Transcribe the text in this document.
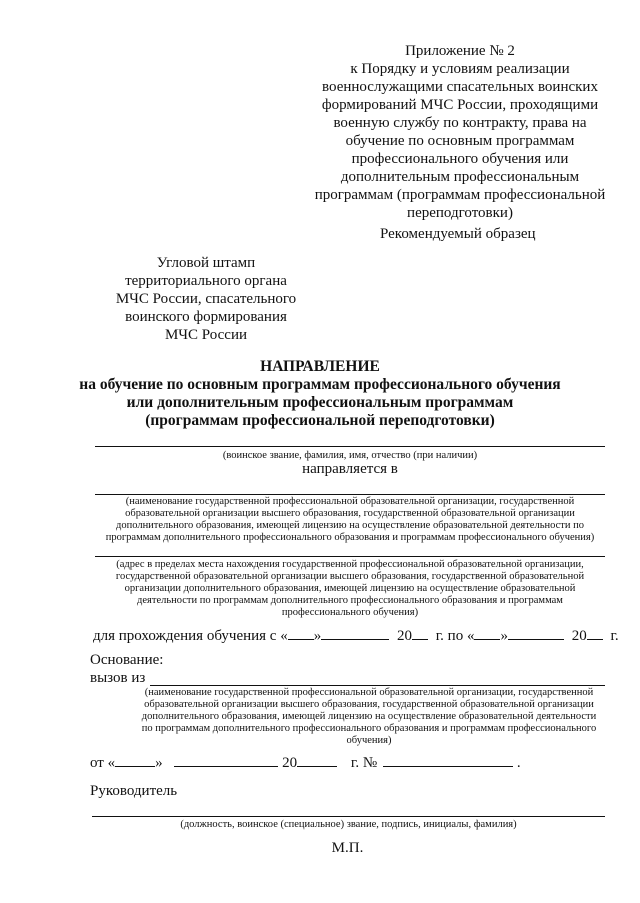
Приложение № 2
к Порядку и условиям реализации
военнослужащими спасательных воинских
формирований МЧС России, проходящими
военную службу по контракту, права на
обучение по основным программам
профессионального обучения или
дополнительным профессиональным
программам (программам профессиональной
переподготовки)
Рекомендуемый образец
Угловой штамп
территориального органа
МЧС России, спасательного
воинского формирования
МЧС России
НАПРАВЛЕНИЕ
на обучение по основным программам профессионального обучения
или дополнительным профессиональным программам
(программам профессиональной переподготовки)
(воинское звание, фамилия, имя, отчество (при наличии)
направляется в
(наименование государственной профессиональной образовательной организации, государственной
образовательной организации высшего образования, государственной образовательной организации
дополнительного образования, имеющей лицензию на осуществление образовательной деятельности по
программам дополнительного профессионального образования и программам профессионального обучения)
(адрес в пределах места нахождения государственной профессиональной образовательной организации,
государственной образовательной организации высшего образования, государственной образовательной
организации дополнительного образования, имеющей лицензию на осуществление образовательной
деятельности по программам дополнительного профессионального образования и программам
профессионального обучения)
для прохождения обучения с « »	20 г. по « »	20 г.
Основание:
вызов из
(наименование государственной профессиональной образовательной организации, государственной
образовательной организации высшего образования, государственной образовательной организации
дополнительного образования, имеющей лицензию на осуществление образовательной деятельности
по программам дополнительного профессионального образования и программам профессионального
обучения)
от «	»	20	г. №	.
Руководитель
(должность, воинское (специальное) звание, подпись, инициалы, фамилия)
М.П.
